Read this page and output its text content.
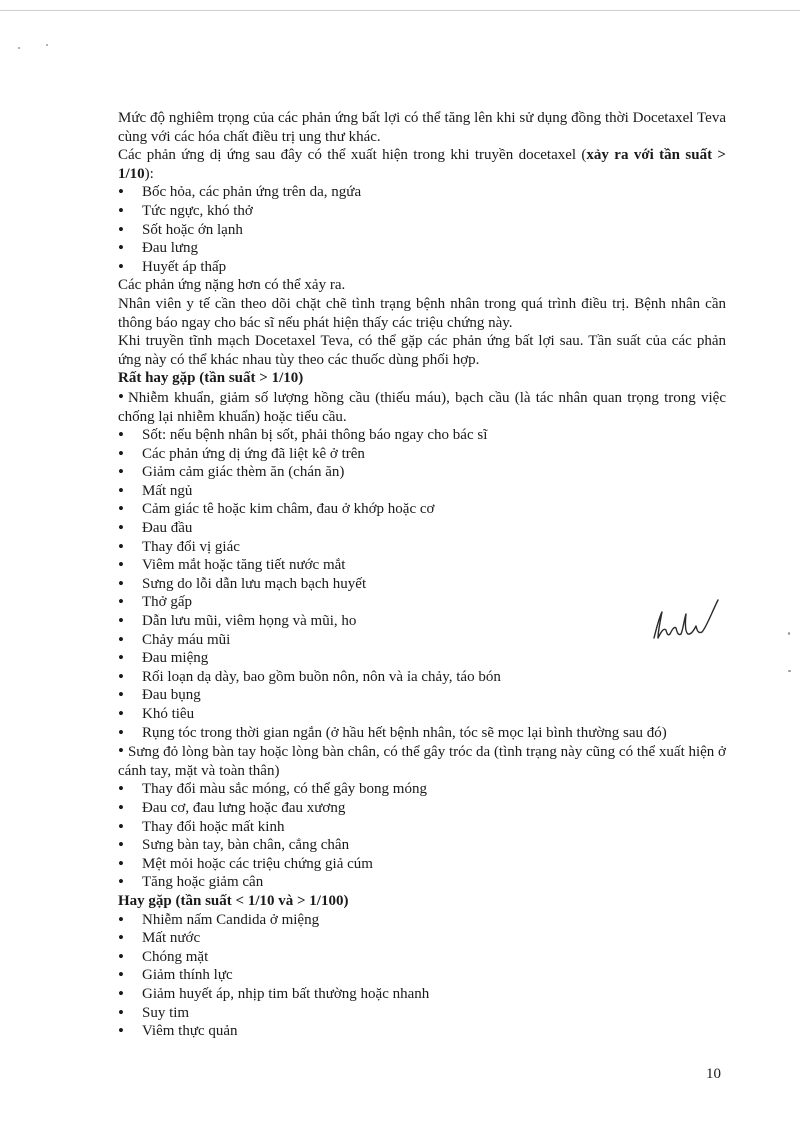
Mức độ nghiêm trọng của các phản ứng bất lợi có thể tăng lên khi sử dụng đồng thời Docetaxel Teva cùng với các hóa chất điều trị ung thư khác.

Các phản ứng dị ứng sau đây có thể xuất hiện trong khi truyền docetaxel (xảy ra với tần suất > 1/10):

• Bốc hỏa, các phản ứng trên da, ngứa
• Tức ngực, khó thở
• Sốt hoặc ớn lạnh
• Đau lưng
• Huyết áp thấp

Các phản ứng nặng hơn có thể xảy ra.

Nhân viên y tế cần theo dõi chặt chẽ tình trạng bệnh nhân trong quá trình điều trị. Bệnh nhân cần thông báo ngay cho bác sĩ nếu phát hiện thấy các triệu chứng này.

Khi truyền tĩnh mạch Docetaxel Teva, có thể gặp các phản ứng bất lợi sau. Tần suất của các phản ứng này có thể khác nhau tùy theo các thuốc dùng phối hợp.

Rất hay gặp (tần suất > 1/10)

• Nhiễm khuẩn, giảm số lượng hồng cầu (thiếu máu), bạch cầu (là tác nhân quan trọng trong việc chống lại nhiễm khuẩn) hoặc tiểu cầu.

• Sốt: nếu bệnh nhân bị sốt, phải thông báo ngay cho bác sĩ
• Các phản ứng dị ứng đã liệt kê ở trên
• Giảm cảm giác thèm ăn (chán ăn)
• Mất ngủ
• Cảm giác tê hoặc kim châm, đau ở khớp hoặc cơ
• Đau đầu
• Thay đổi vị giác
• Viêm mắt hoặc tăng tiết nước mắt
• Sưng do lỗi dẫn lưu mạch bạch huyết
• Thở gấp
• Dẫn lưu mũi, viêm họng và mũi, ho
• Chảy máu mũi
• Đau miệng
• Rối loạn dạ dày, bao gồm buồn nôn, nôn và ỉa chảy, táo bón
• Đau bụng
• Khó tiêu
• Rụng tóc trong thời gian ngắn (ở hầu hết bệnh nhân, tóc sẽ mọc lại bình thường sau đó)

• Sưng đỏ lòng bàn tay hoặc lòng bàn chân, có thể gây tróc da (tình trạng này cũng có thể xuất hiện ở cánh tay, mặt và toàn thân)

• Thay đổi màu sắc móng, có thể gây bong móng
• Đau cơ, đau lưng hoặc đau xương
• Thay đổi hoặc mất kinh
• Sưng bàn tay, bàn chân, cẳng chân
• Mệt mỏi hoặc các triệu chứng giả cúm
• Tăng hoặc giảm cân

Hay gặp (tần suất < 1/10 và > 1/100)

• Nhiễm nấm Candida ở miệng
• Mất nước
• Chóng mặt
• Giảm thính lực
• Giảm huyết áp, nhịp tim bất thường hoặc nhanh
• Suy tim
• Viêm thực quản
10
